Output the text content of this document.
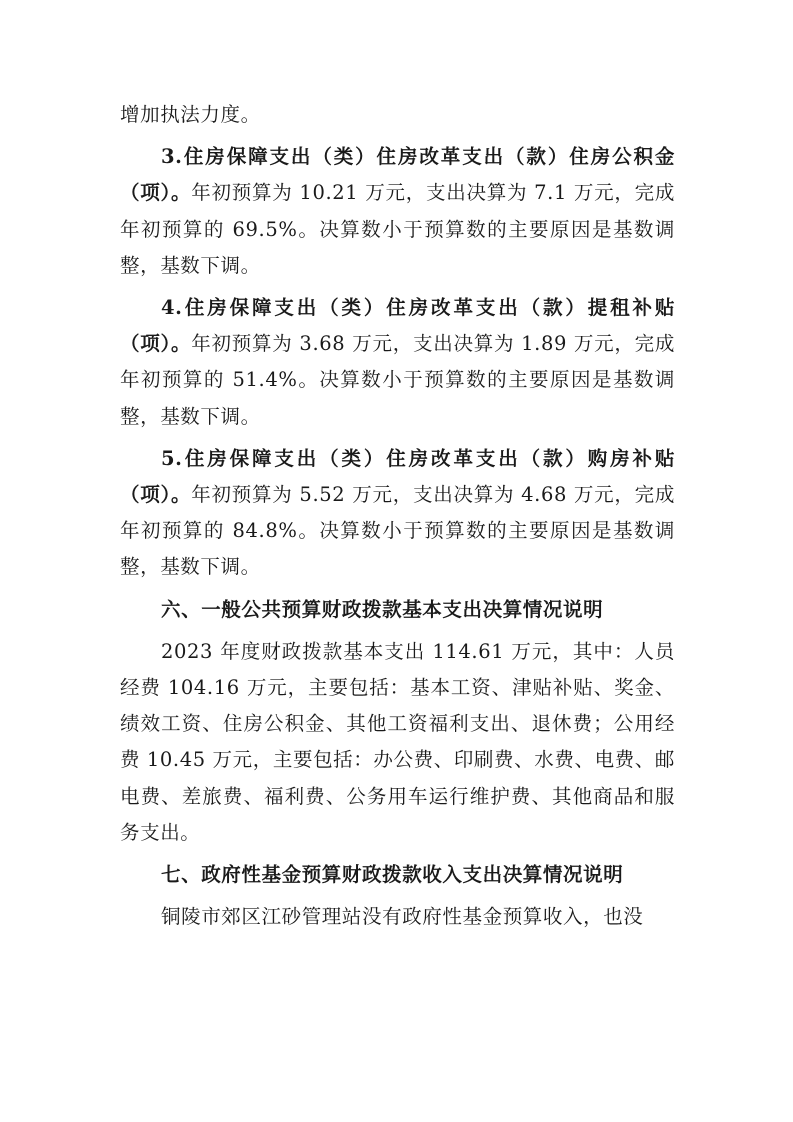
增加执法力度。

3.住房保障支出（类）住房改革支出（款）住房公积金（项）。年初预算为 10.21 万元，支出决算为 7.1 万元，完成年初预算的 69.5%。决算数小于预算数的主要原因是基数调整，基数下调。

4.住房保障支出（类）住房改革支出（款）提租补贴（项）。年初预算为 3.68 万元，支出决算为 1.89 万元，完成年初预算的 51.4%。决算数小于预算数的主要原因是基数调整，基数下调。

5.住房保障支出（类）住房改革支出（款）购房补贴（项）。年初预算为 5.52 万元，支出决算为 4.68 万元，完成年初预算的 84.8%。决算数小于预算数的主要原因是基数调整，基数下调。

六、一般公共预算财政拨款基本支出决算情况说明

2023 年度财政拨款基本支出 114.61 万元，其中：人员经费 104.16 万元，主要包括：基本工资、津贴补贴、奖金、绩效工资、住房公积金、其他工资福利支出、退休费；公用经费 10.45 万元，主要包括：办公费、印刷费、水费、电费、邮电费、差旅费、福利费、公务用车运行维护费、其他商品和服务支出。

七、政府性基金预算财政拨款收入支出决算情况说明

铜陵市郊区江砂管理站没有政府性基金预算收入，也没
